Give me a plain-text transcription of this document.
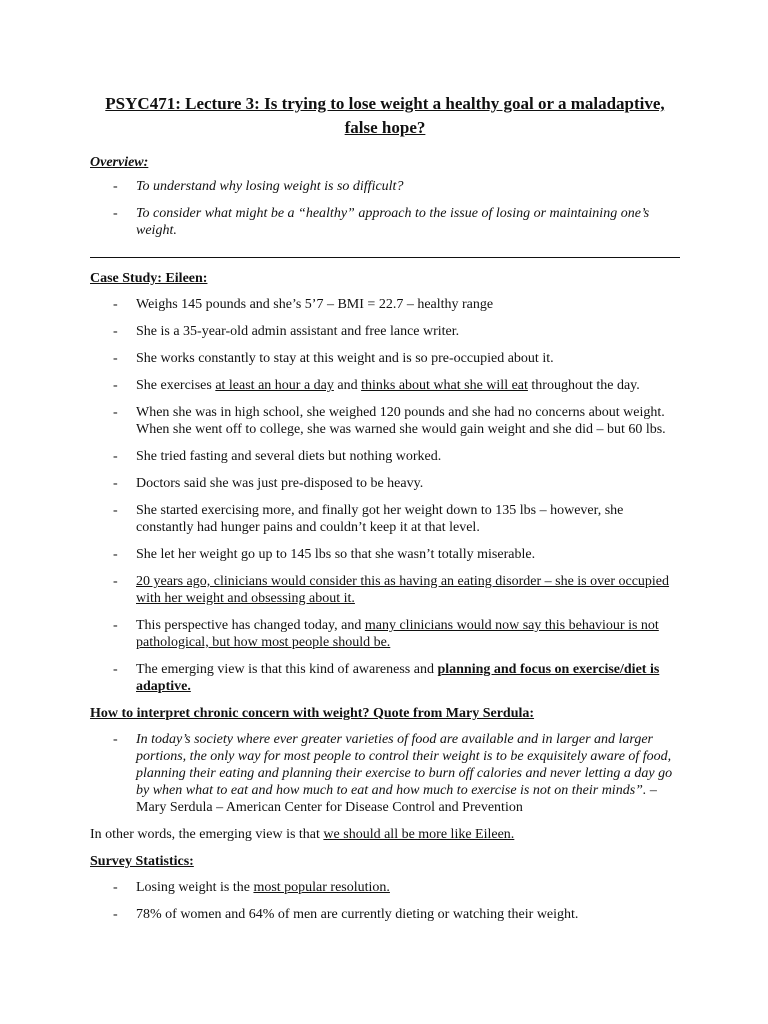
PSYC471: Lecture 3: Is trying to lose weight a healthy goal or a maladaptive, false hope?

Overview:

- To understand why losing weight is so difficult?
- To consider what might be a “healthy” approach to the issue of losing or maintaining one’s weight.

Case Study: Eileen:

- Weighs 145 pounds and she’s 5’7 – BMI = 22.7 – healthy range
- She is a 35-year-old admin assistant and free lance writer.
- She works constantly to stay at this weight and is so pre-occupied about it.
- She exercises at least an hour a day and thinks about what she will eat throughout the day.
- When she was in high school, she weighed 120 pounds and she had no concerns about weight. When she went off to college, she was warned she would gain weight and she did – but 60 lbs.
- She tried fasting and several diets but nothing worked.
- Doctors said she was just pre-disposed to be heavy.
- She started exercising more, and finally got her weight down to 135 lbs – however, she constantly had hunger pains and couldn’t keep it at that level.
- She let her weight go up to 145 lbs so that she wasn’t totally miserable.
- 20 years ago, clinicians would consider this as having an eating disorder – she is over occupied with her weight and obsessing about it.
- This perspective has changed today, and many clinicians would now say this behaviour is not pathological, but how most people should be.
- The emerging view is that this kind of awareness and planning and focus on exercise/diet is adaptive.

How to interpret chronic concern with weight? Quote from Mary Serdula:

- In today’s society where ever greater varieties of food are available and in larger and larger portions, the only way for most people to control their weight is to be exquisitely aware of food, planning their eating and planning their exercise to burn off calories and never letting a day go by when what to eat and how much to eat and how much to exercise is not on their minds”. – Mary Serdula – American Center for Disease Control and Prevention

In other words, the emerging view is that we should all be more like Eileen.

Survey Statistics:

- Losing weight is the most popular resolution.
- 78% of women and 64% of men are currently dieting or watching their weight.
